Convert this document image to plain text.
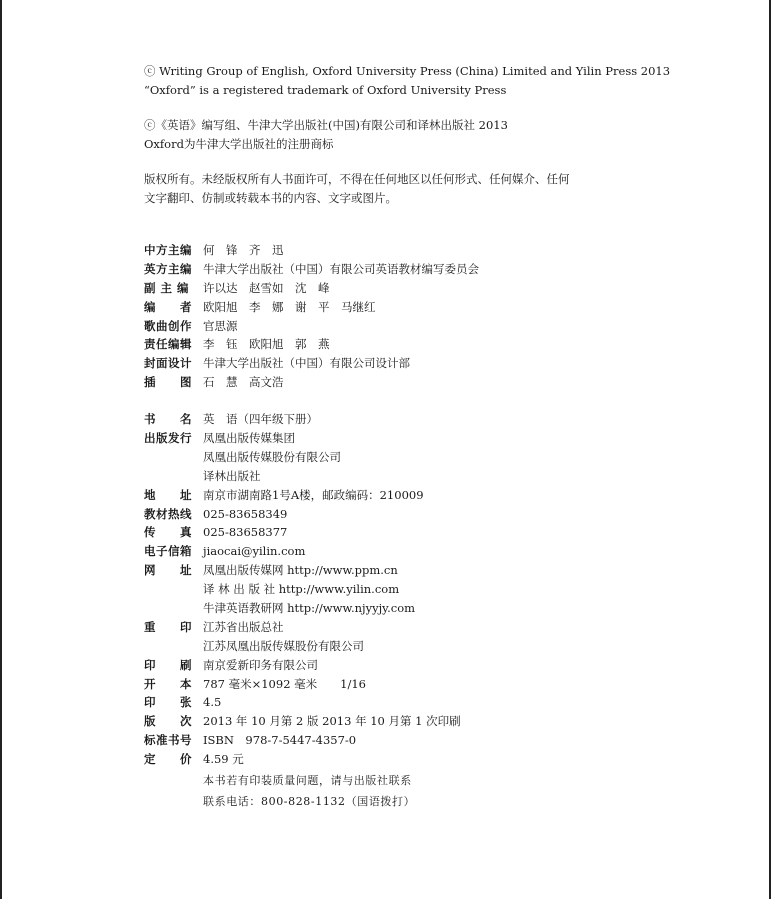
ⓒ Writing Group of English, Oxford University Press (China) Limited and Yilin Press 2013

“Oxford” is a registered trademark of Oxford University Press

ⓒ《英语》编写组、牛津大学出版社(中国)有限公司和译林出版社 2013

Oxford为牛津大学出版社的注册商标

版权所有。未经版权所有人书面许可，不得在任何地区以任何形式、任何媒介、任何

文字翻印、仿制或转载本书的内容、文字或图片。

中方主编 何　锋　齐　迅
英方主编 牛津大学出版社（中国）有限公司英语教材编写委员会
副 主 编	许以达　赵雪如　沈　峰
编　　者 欧阳旭　李　娜　谢　平　马继红
歌曲创作 官思源
责任编辑 李　钰　欧阳旭　郭　燕
封面设计 牛津大学出版社（中国）有限公司设计部
插　　图 石　慧　高文浩
书　　名 英　语（四年级下册）
出版发行 凤凰出版传媒集团
凤凰出版传媒股份有限公司
译林出版社
地　　址 南京市湖南路1号A楼，邮政编码：210009
教材热线 025-83658349
传　　真 025-83658377
电子信箱 jiaocai@yilin.com
网　　址 凤凰出版传媒网 http://www.ppm.cn
译 林 出 版 社 http://www.yilin.com
牛津英语教研网 http://www.njyyjy.com
重　　印 江苏省出版总社
江苏凤凰出版传媒股份有限公司
印　　刷 南京爱新印务有限公司
开　　本 787 毫米×1092 毫米　　1/16
印　　张 4.5
版　　次 2013 年 10 月第 2 版 2013 年 10 月第 1 次印刷
标准书号 ISBN　978-7-5447-4357-0
定　　价 4.59 元

本书若有印装质量问题，请与出版社联系

联系电话：800-828-1132（国语拨打）
